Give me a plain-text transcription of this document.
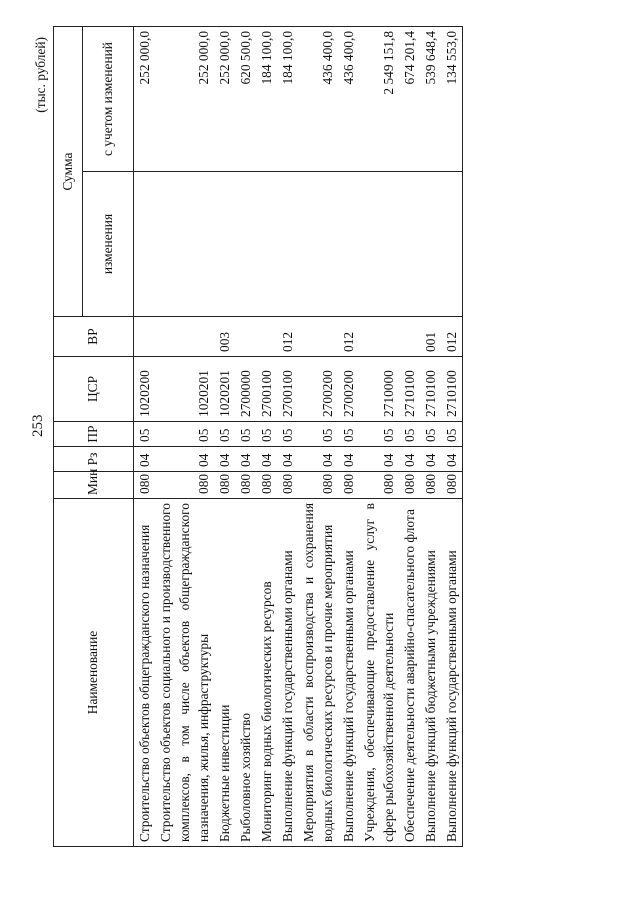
253
(тыс. рублей)
Наименование	Мин	Рз	ПР	ЦСР	ВР	Сумма	
						изменения	с учетом изменений
Строительство объектов общегражданского назначения	080	04	05	1020200			252 000,0
Строительство объектов социального и производственного комплексов, в том числе объектов общегражданского назначения, жилья, инфраструктуры	080	04	05	1020201			252 000,0
Бюджетные инвестиции	080	04	05	1020201	003		252 000,0
Рыболовное хозяйство	080	04	05	2700000			620 500,0
Мониторинг водных биологических ресурсов	080	04	05	2700100			184 100,0
Выполнение функций государственными органами	080	04	05	2700100	012		184 100,0
Мероприятия в области воспроизводства и сохранения водных биологических ресурсов и прочие мероприятия	080	04	05	2700200			436 400,0
Выполнение функций государственными органами	080	04	05	2700200	012		436 400,0
Учреждения, обеспечивающие предоставление услуг в сфере рыбохозяйственной деятельности	080	04	05	2710000			2 549 151,8
Обеспечение деятельности аварийно-спасательного флота	080	04	05	2710100			674 201,4
Выполнение функций бюджетными учреждениями	080	04	05	2710100	001		539 648,4
Выполнение функций государственными органами	080	04	05	2710100	012		134 553,0
